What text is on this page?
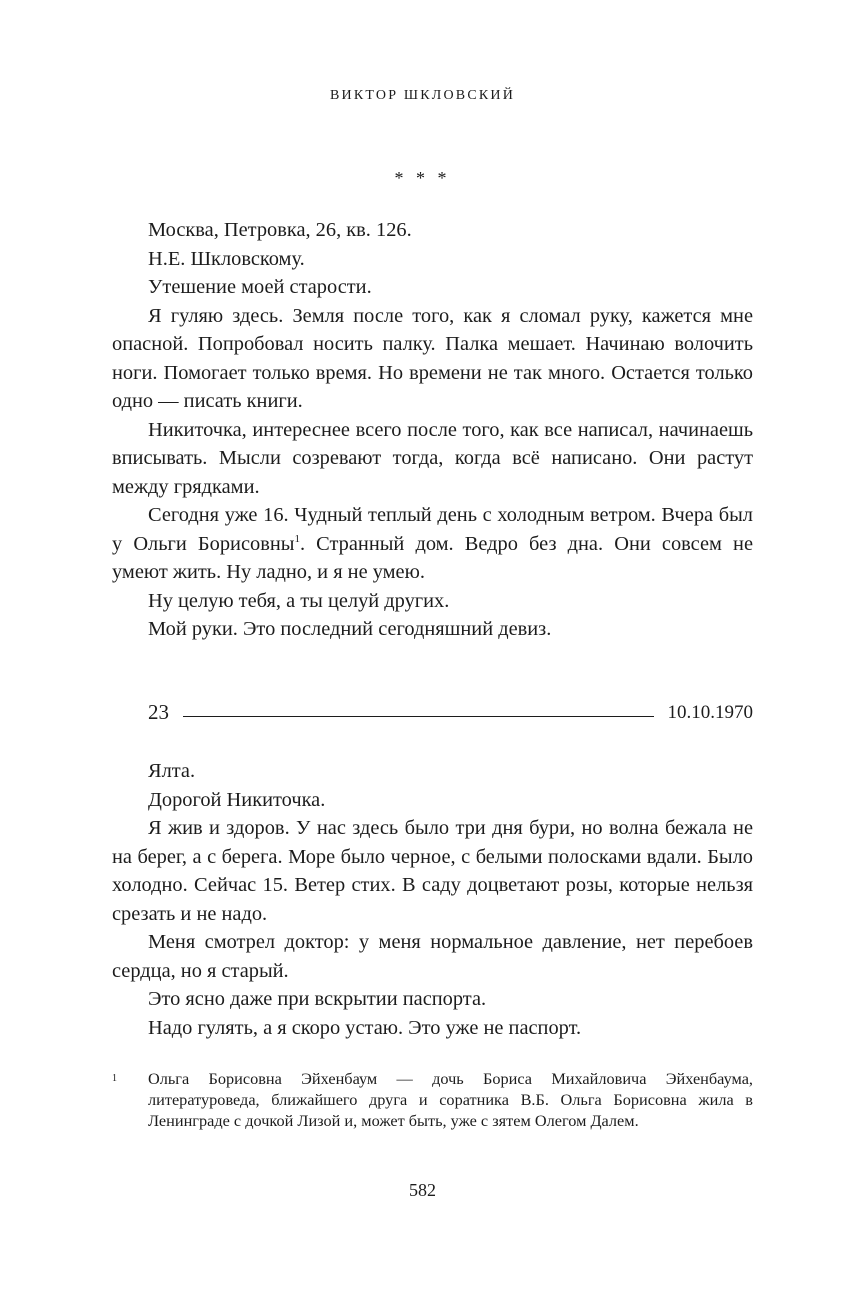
ВИКТОР ШКЛОВСКИЙ
* * *

Москва, Петровка, 26, кв. 126.

Н.Е. Шкловскому.

Утешение моей старости.

Я гуляю здесь. Земля после того, как я сломал руку, кажется мне опасной. Попробовал носить палку. Палка мешает. Начинаю волочить ноги. Помогает только время. Но времени не так много. Остается только одно — писать книги.

Никиточка, интереснее всего после того, как все написал, начинаешь вписывать. Мысли созревают тогда, когда всё написано. Они растут между грядками.

Сегодня уже 16. Чудный теплый день с холодным ветром. Вчера был у Ольги Борисовны$^1$. Странный дом. Ведро без дна. Они совсем не умеют жить. Ну ладно, и я не умею.

Ну целую тебя, а ты целуй других.

Мой руки. Это последний сегодняшний девиз.

23	10.10.1970

Ялта.

Дорогой Никиточка.

Я жив и здоров. У нас здесь было три дня бури, но волна бежала не на берег, а с берега. Море было черное, с белыми полосками вдали. Было холодно. Сейчас 15. Ветер стих. В саду доцветают розы, которые нельзя срезать и не надо.

Меня смотрел доктор: у меня нормальное давление, нет перебоев сердца, но я старый.

Это ясно даже при вскрытии паспорта.

Надо гулять, а я скоро устаю. Это уже не паспорт.

1 Ольга Борисовна Эйхенбаум — дочь Бориса Михайловича Эйхенбаума, литературоведа, ближайшего друга и соратника В.Б. Ольга Борисовна жила в Ленинграде с дочкой Лизой и, может быть, уже с зятем Олегом Далем.
582
